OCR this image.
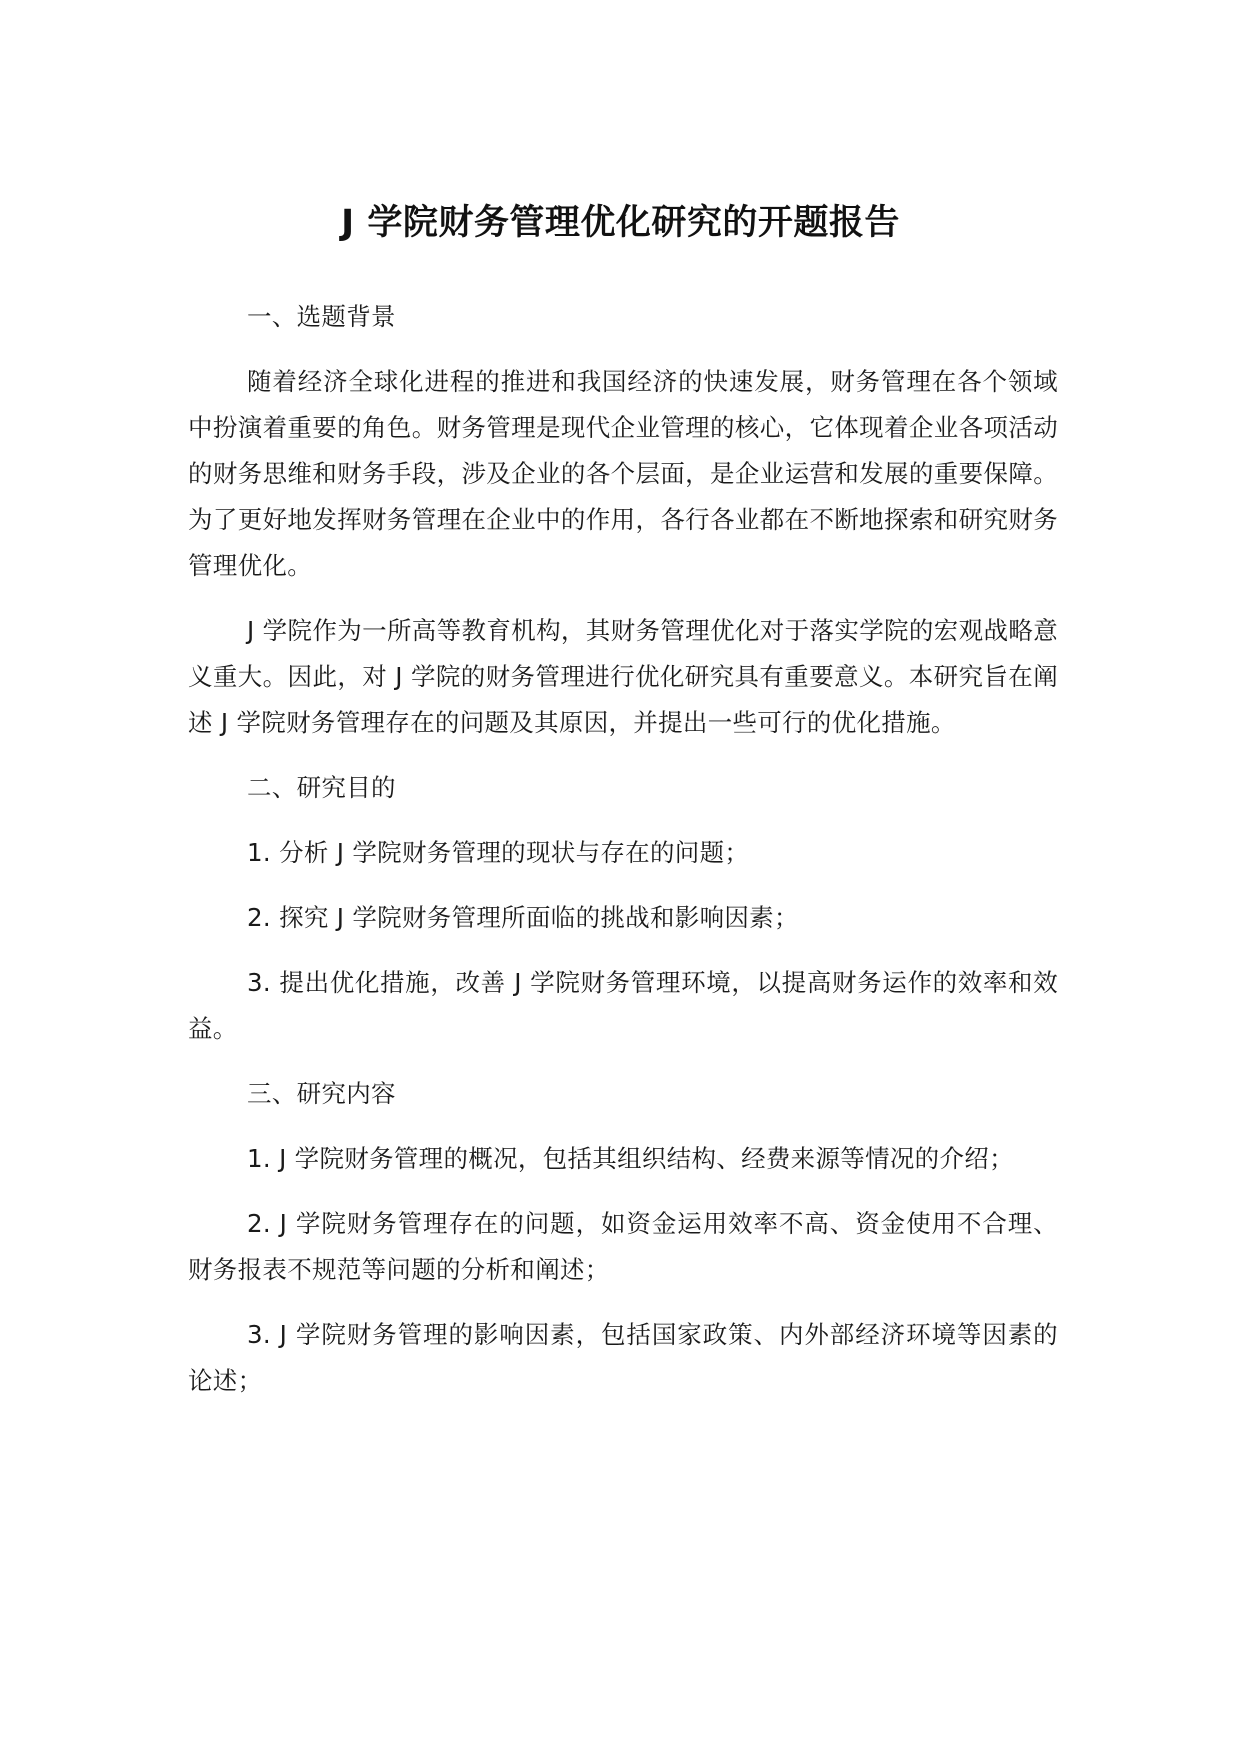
J 学院财务管理优化研究的开题报告

一、选题背景

随着经济全球化进程的推进和我国经济的快速发展，财务管理在各个领域中扮演着重要的角色。财务管理是现代企业管理的核心，它体现着企业各项活动的财务思维和财务手段，涉及企业的各个层面，是企业运营和发展的重要保障。为了更好地发挥财务管理在企业中的作用，各行各业都在不断地探索和研究财务管理优化。

J 学院作为一所高等教育机构，其财务管理优化对于落实学院的宏观战略意义重大。因此，对 J 学院的财务管理进行优化研究具有重要意义。本研究旨在阐述 J 学院财务管理存在的问题及其原因，并提出一些可行的优化措施。

二、研究目的

1. 分析 J 学院财务管理的现状与存在的问题；

2. 探究 J 学院财务管理所面临的挑战和影响因素；

3. 提出优化措施，改善 J 学院财务管理环境，以提高财务运作的效率和效益。

三、研究内容

1. J 学院财务管理的概况，包括其组织结构、经费来源等情况的介绍；

2. J 学院财务管理存在的问题，如资金运用效率不高、资金使用不合理、财务报表不规范等问题的分析和阐述；

3. J 学院财务管理的影响因素，包括国家政策、内外部经济环境等因素的论述；
